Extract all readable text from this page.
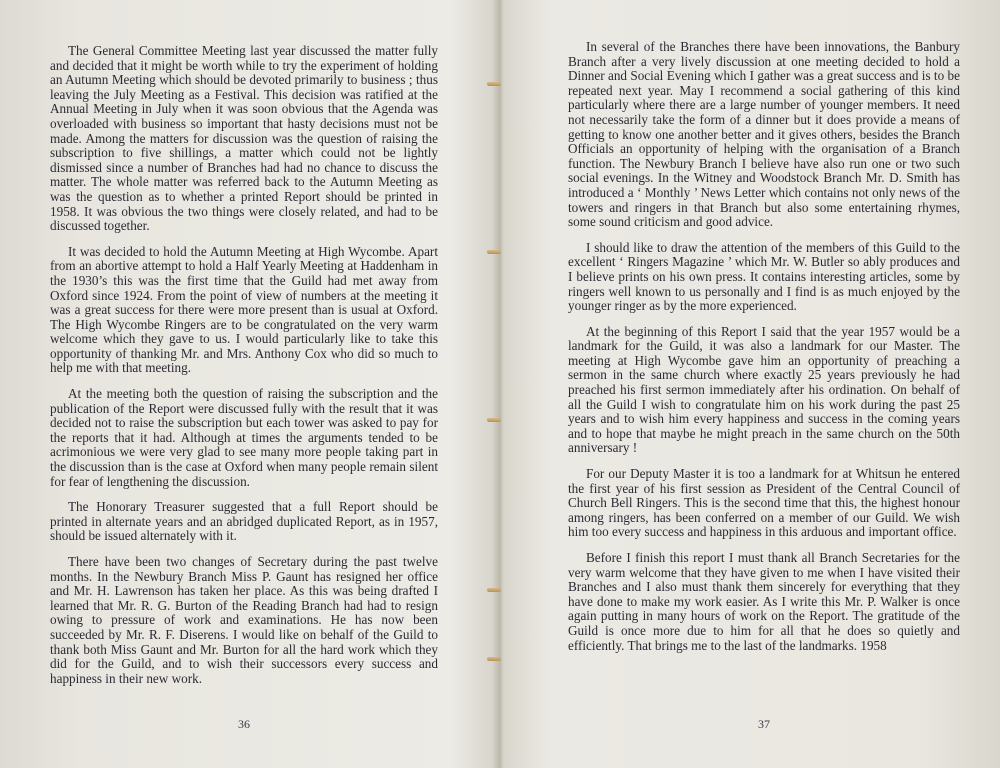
The General Committee Meeting last year discussed the matter fully and decided that it might be worth while to try the experiment of holding an Autumn Meeting which should be devoted primarily to business ; thus leaving the July Meeting as a Festival. This decision was ratified at the Annual Meeting in July when it was soon obvious that the Agenda was overloaded with business so important that hasty decisions must not be made. Among the matters for discussion was the question of raising the subscription to five shillings, a matter which could not be lightly dismissed since a number of Branches had had no chance to discuss the matter. The whole matter was referred back to the Autumn Meeting as was the question as to whether a printed Report should be printed in 1958. It was obvious the two things were closely related, and had to be discussed together.

It was decided to hold the Autumn Meeting at High Wycombe. Apart from an abortive attempt to hold a Half Yearly Meeting at Haddenham in the 1930’s this was the first time that the Guild had met away from Oxford since 1924. From the point of view of numbers at the meeting it was a great success for there were more present than is usual at Oxford. The High Wycombe Ringers are to be congratulated on the very warm welcome which they gave to us. I would particularly like to take this opportunity of thanking Mr. and Mrs. Anthony Cox who did so much to help me with that meeting.

At the meeting both the question of raising the subscription and the publication of the Report were discussed fully with the result that it was decided not to raise the subscription but each tower was asked to pay for the reports that it had. Although at times the arguments tended to be acrimonious we were very glad to see many more people taking part in the discussion than is the case at Oxford when many people remain silent for fear of lengthening the discussion.

The Honorary Treasurer suggested that a full Report should be printed in alternate years and an abridged duplicated Report, as in 1957, should be issued alternately with it.

There have been two changes of Secretary during the past twelve months. In the Newbury Branch Miss P. Gaunt has resigned her office and Mr. H. Lawrenson has taken her place. As this was being drafted I learned that Mr. R. G. Burton of the Reading Branch had had to resign owing to pressure of work and examinations. He has now been succeeded by Mr. R. F. Diserens. I would like on behalf of the Guild to thank both Miss Gaunt and Mr. Burton for all the hard work which they did for the Guild, and to wish their successors every success and happiness in their new work.

36

In several of the Branches there have been innovations, the Banbury Branch after a very lively discussion at one meeting decided to hold a Dinner and Social Evening which I gather was a great success and is to be repeated next year. May I recommend a social gathering of this kind particularly where there are a large number of younger members. It need not necessarily take the form of a dinner but it does provide a means of getting to know one another better and it gives others, besides the Branch Officials an opportunity of helping with the organisation of a Branch function. The Newbury Branch I believe have also run one or two such social evenings. In the Witney and Woodstock Branch Mr. D. Smith has introduced a ‘ Monthly ’ News Letter which contains not only news of the towers and ringers in that Branch but also some entertaining rhymes, some sound criticism and good advice.

I should like to draw the attention of the members of this Guild to the excellent ‘ Ringers Magazine ’ which Mr. W. Butler so ably produces and I believe prints on his own press. It contains interesting articles, some by ringers well known to us personally and I find is as much enjoyed by the younger ringer as by the more experienced.

At the beginning of this Report I said that the year 1957 would be a landmark for the Guild, it was also a landmark for our Master. The meeting at High Wycombe gave him an opportunity of preaching a sermon in the same church where exactly 25 years previously he had preached his first sermon immediately after his ordination. On behalf of all the Guild I wish to congratulate him on his work during the past 25 years and to wish him every happiness and success in the coming years and to hope that maybe he might preach in the same church on the 50th anniversary !

For our Deputy Master it is too a landmark for at Whitsun he entered the first year of his first session as President of the Central Council of Church Bell Ringers. This is the second time that this, the highest honour among ringers, has been conferred on a member of our Guild. We wish him too every success and happiness in this arduous and important office.

Before I finish this report I must thank all Branch Secretaries for the very warm welcome that they have given to me when I have visited their Branches and I also must thank them sincerely for everything that they have done to make my work easier. As I write this Mr. P. Walker is once again putting in many hours of work on the Report. The gratitude of the Guild is once more due to him for all that he does so quietly and efficiently. That brings me to the last of the landmarks. 1958

37
